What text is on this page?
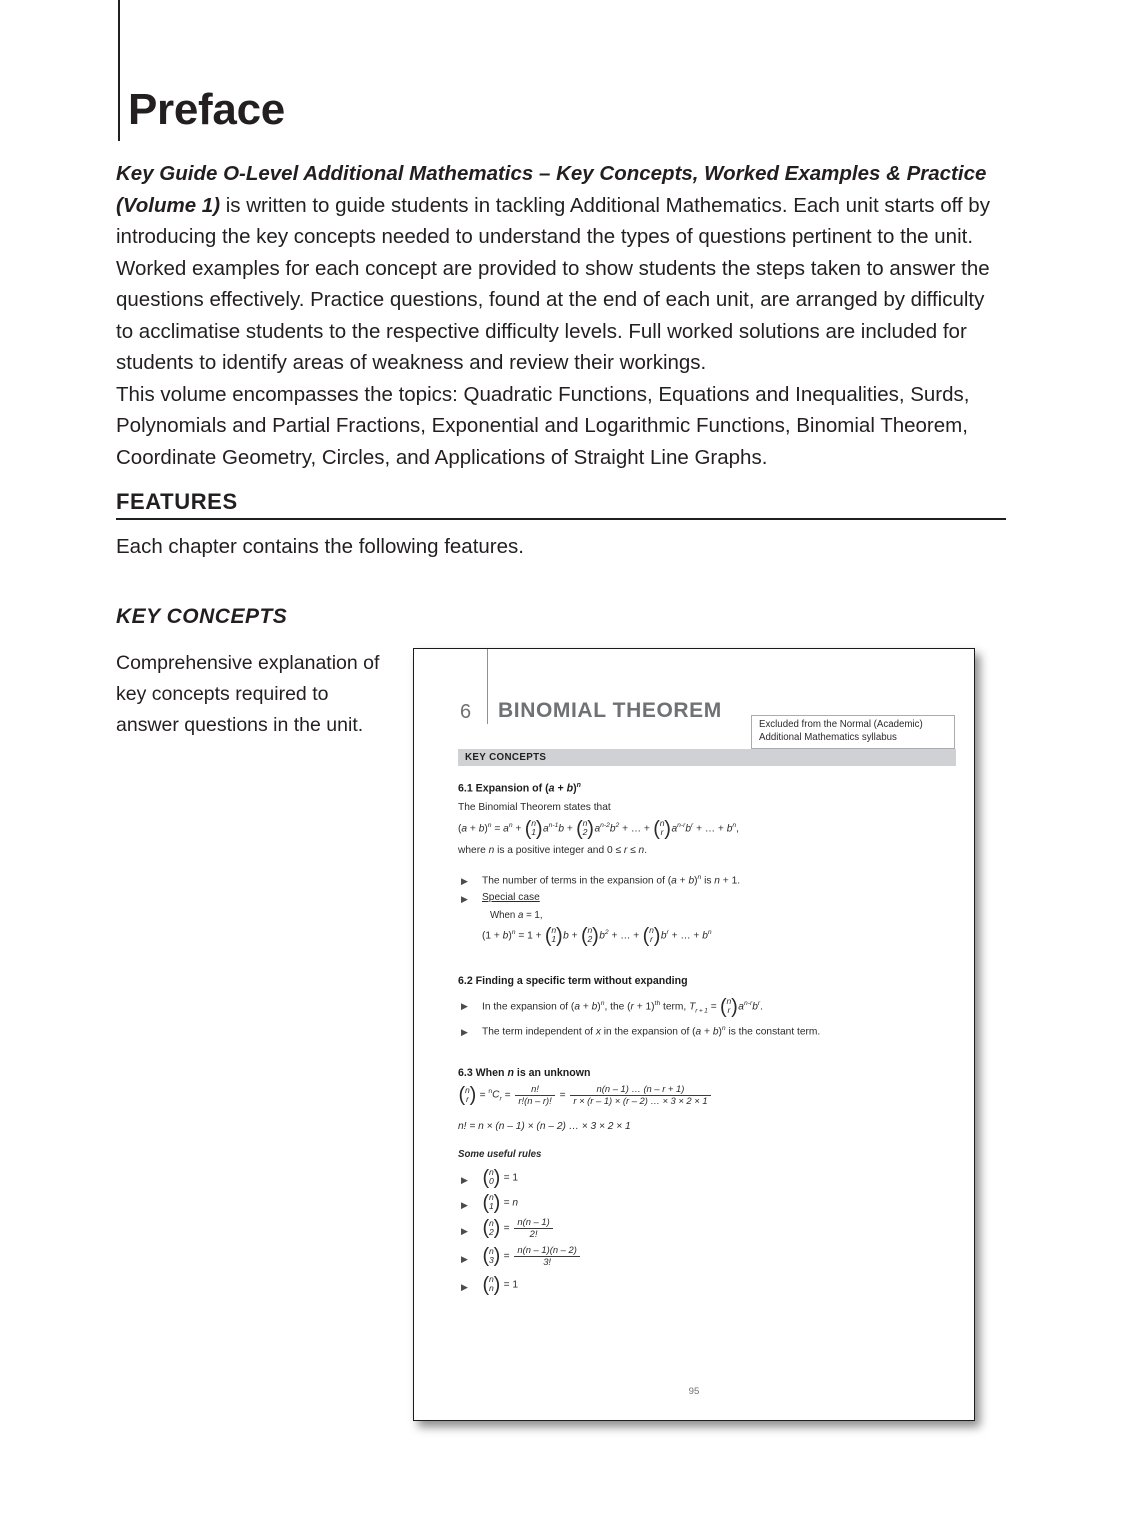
Preface

Key Guide O-Level Additional Mathematics – Key Concepts, Worked Examples & Practice (Volume 1) is written to guide students in tackling Additional Mathematics. Each unit starts off by introducing the key concepts needed to understand the types of questions pertinent to the unit. Worked examples for each concept are provided to show students the steps taken to answer the questions effectively. Practice questions, found at the end of each unit, are arranged by difficulty to acclimatise students to the respective difficulty levels. Full worked solutions are included for students to identify areas of weakness and review their workings.

This volume encompasses the topics: Quadratic Functions, Equations and Inequalities, Surds, Polynomials and Partial Fractions, Exponential and Logarithmic Functions, Binomial Theorem, Coordinate Geometry, Circles, and Applications of Straight Line Graphs.

FEATURES
Each chapter contains the following features.
KEY CONCEPTS
Comprehensive explanation of key concepts required to answer questions in the unit.
6 BINOMIAL THEOREM
Excluded from the Normal (Academic)
Additional Mathematics syllabus
KEY CONCEPTS
6.1 Expansion of $(a + b)^n$
The Binomial Theorem states that
$(a + b)^n = a^n$ + ( n
1 ) $a^{n‑1}b$ + ( n
2 ) $a^{n‑2}b^2$ + … + ( n
r ) $a^{n‑r}b^r$ + … + $b^n$,
where n is a positive integer and 0 ≤ r ≤ n.
▶ The number of terms in the expansion of $(a + b)^n$ is n + 1.
▶ Special case
When a = 1,
$(1 + b)^n = 1$ + ( n
1 ) b + ( n
2 ) $b^2$ + … + ( n
r ) $b^r$ + … + $b^n$
6.2 Finding a specific term without expanding
▶ In the expansion of $(a + b)^n$, the $(r + 1)^{th}$ term, $T_{r + 1}$ = ( n
r ) $a^{n‑r}b^r$.
▶ The term independent of x in the expansion of $(a + b)^n$ is the constant term.
6.3 When n is an unknown
( n
r ) = $^nC_r = \frac{n!}{r!(n - r)!} = \frac{n(n - 1) \dots (n - r + 1)}{r \times (r - 1) \times (r - 2) \dots \times 3 \times 2 \times 1}$
n! = n × (n – 1) × (n – 2) … × 3 × 2 × 1
Some useful rules
▶ ( n
0 ) = 1
▶ ( n
1 ) = n
▶ ( n
2 ) = $\frac{n(n - 1)}{2!}$
▶ ( n
3 ) = $\frac{n(n - 1)(n - 2)}{3!}$
▶ ( n
n ) = 1
95
